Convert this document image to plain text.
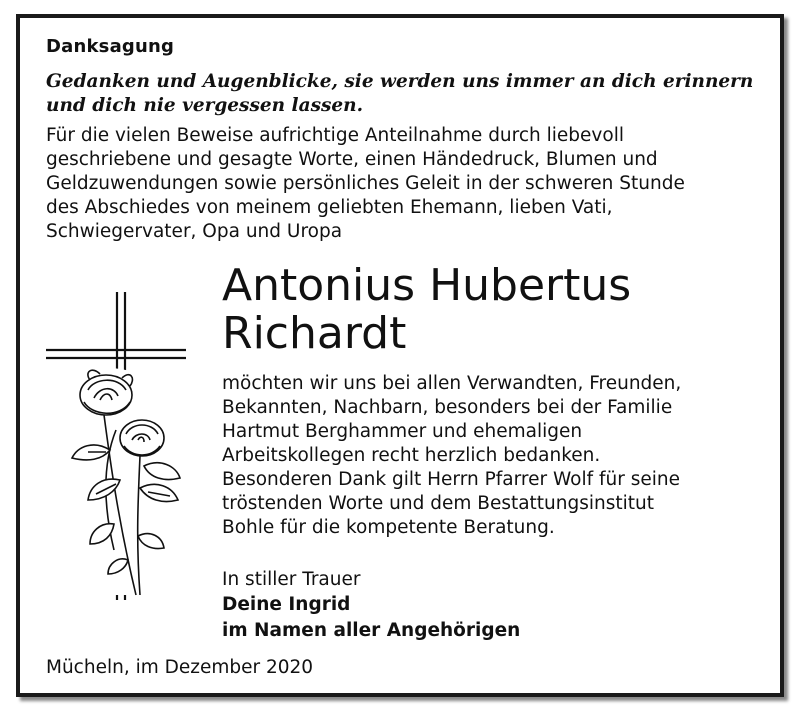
Danksagung
Gedanken und Augenblicke, sie werden uns immer an dich erinnern
und dich nie vergessen lassen.
Für die vielen Beweise aufrichtige Anteilnahme durch liebevoll
geschriebene und gesagte Worte, einen Händedruck, Blumen und
Geldzuwendungen sowie persönliches Geleit in der schweren Stunde
des Abschiedes von meinem geliebten Ehemann, lieben Vati,
Schwiegervater, Opa und Uropa
Antonius Hubertus
Richardt
möchten wir uns bei allen Verwandten, Freunden,
Bekannten, Nachbarn, besonders bei der Familie
Hartmut Berghammer und ehemaligen
Arbeitskollegen recht herzlich bedanken.
Besonderen Dank gilt Herrn Pfarrer Wolf für seine
tröstenden Worte und dem Bestattungsinstitut
Bohle für die kompetente Beratung.
In stiller Trauer
Deine Ingrid
im Namen aller Angehörigen
Mücheln, im Dezember 2020
